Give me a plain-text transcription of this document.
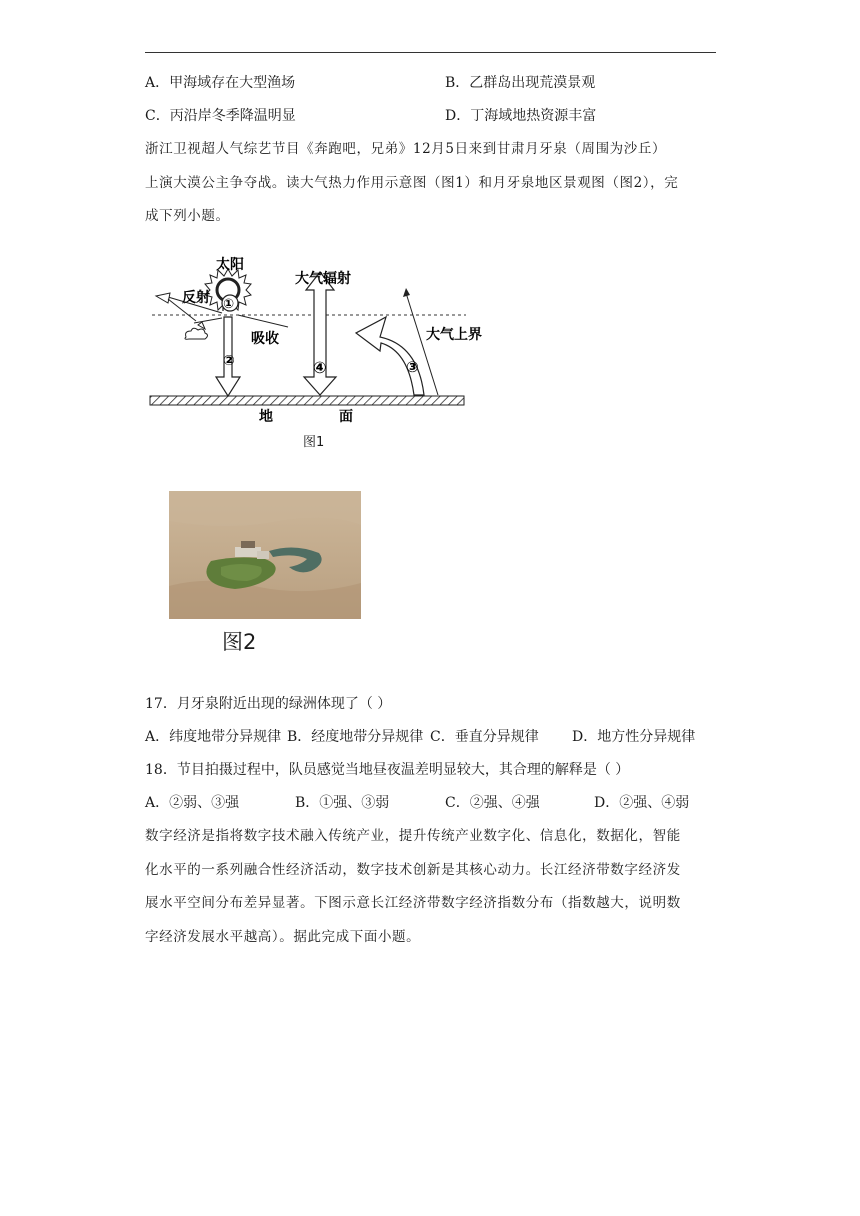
A．甲海域存在大型渔场	B．乙群岛出现荒漠景观
C．丙沿岸冬季降温明显	D．丁海域地热资源丰富
浙江卫视超人气综艺节目《奔跑吧，兄弟》12月5日来到甘肃月牙泉（周围为沙丘）
上演大漠公主争夺战。读大气热力作用示意图（图1）和月牙泉地区景观图（图2），完
成下列小题。
太阳
反射
吸收
大气辐射
大气上界
①
②	④	③
地	面
图1
图2
17．月牙泉附近出现的绿洲体现了（ ）
A．纬度地带分异规律 B．经度地带分异规律 C．垂直分异规律 D．地方性分异规律
18．节目拍摄过程中，队员感觉当地昼夜温差明显较大，其合理的解释是（ ）
A．②弱、③强	B．①强、③弱	C．②强、④强	D．②强、④弱
数字经济是指将数字技术融入传统产业，提升传统产业数字化、信息化，数据化，智能
化水平的一系列融合性经济活动，数字技术创新是其核心动力。长江经济带数字经济发
展水平空间分布差异显著。下图示意长江经济带数字经济指数分布（指数越大，说明数
字经济发展水平越高）。据此完成下面小题。
